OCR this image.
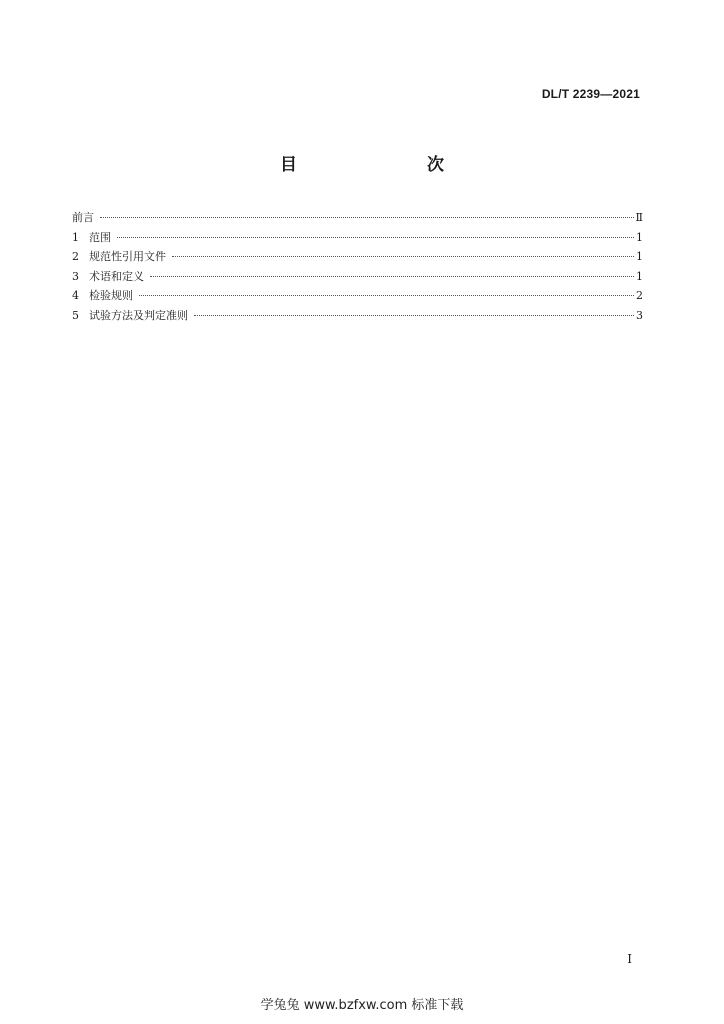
DL/T 2239—2021
目　　次
前言	Ⅱ
1 范围	1
2 规范性引用文件	1
3 术语和定义	1
4 检验规则	2
5 试验方法及判定准则	3
I
学兔兔 www.bzfxw.com 标准下载
